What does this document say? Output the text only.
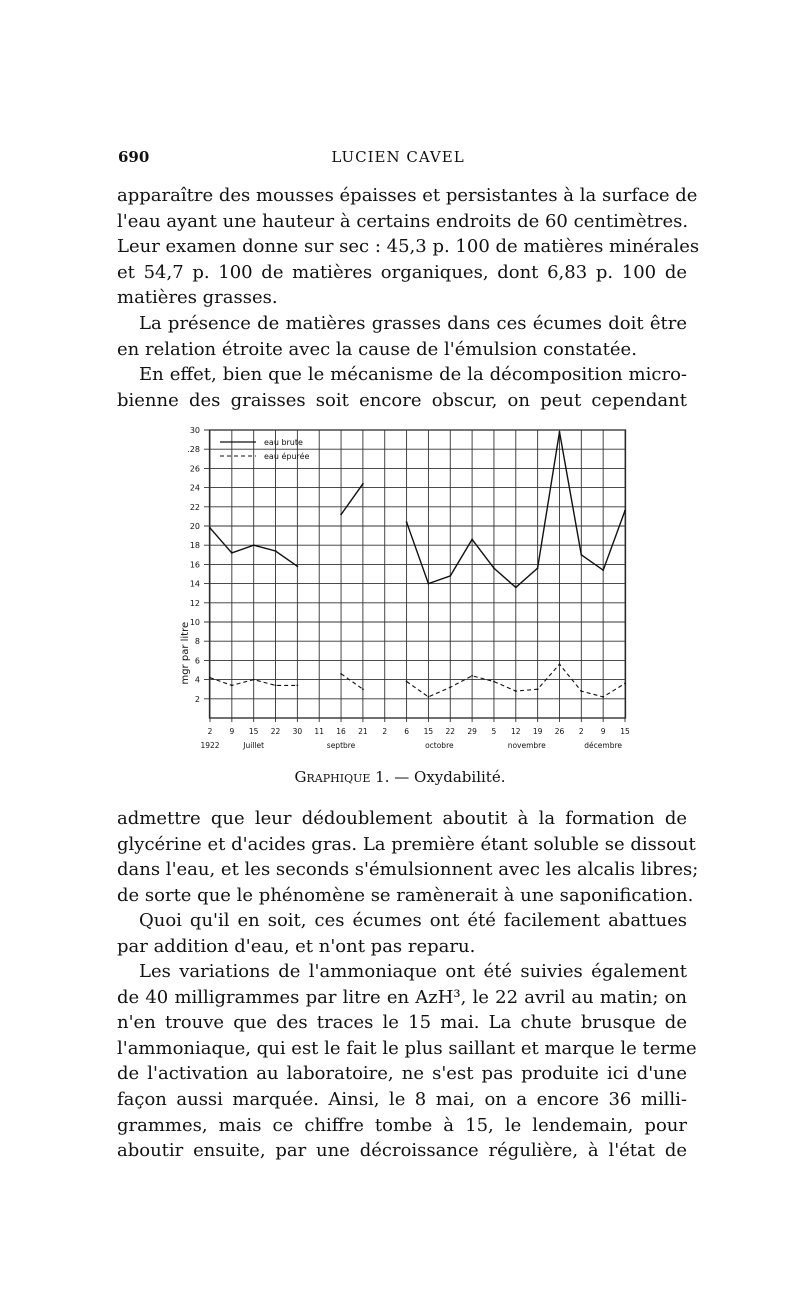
690	LUCIEN CAVEL

apparaître des mousses épaisses et persistantes à la surface de
l'eau ayant une hauteur à certains endroits de 60 centimètres.
Leur examen donne sur sec : 45,3 p. 100 de matières minérales
et 54,7 p. 100 de matières organiques, dont 6,83 p. 100 de
matières grasses.

La présence de matières grasses dans ces écumes doit être
en relation étroite avec la cause de l'émulsion constatée.

En effet, bien que le mécanisme de la décomposition micro-
bienne des graisses soit encore obscur, on peut cependant

2
4
6
8
10
12
14
16
18
20
22
24
26
.28
30
mgr par litre
2 9 15 22 30 11 16 21 2 6 15 22 29 5 12 19 26 2 9 15
1922	Juillet	septbre	octobre	novembre	décembre
eau brute
eau épurée
Graphique 1. — Oxydabilité.

admettre que leur dédoublement aboutit à la formation de
glycérine et d'acides gras. La première étant soluble se dissout
dans l'eau, et les seconds s'émulsionnent avec les alcalis libres;
de sorte que le phénomène se ramènerait à une saponification.

Quoi qu'il en soit, ces écumes ont été facilement abattues
par addition d'eau, et n'ont pas reparu.

Les variations de l'ammoniaque ont été suivies également
de 40 milligrammes par litre en AzH³, le 22 avril au matin; on
n'en trouve que des traces le 15 mai. La chute brusque de
l'ammoniaque, qui est le fait le plus saillant et marque le terme
de l'activation au laboratoire, ne s'est pas produite ici d'une
façon aussi marquée. Ainsi, le 8 mai, on a encore 36 milli-
grammes, mais ce chiffre tombe à 15, le lendemain, pour
aboutir ensuite, par une décroissance régulière, à l'état de
